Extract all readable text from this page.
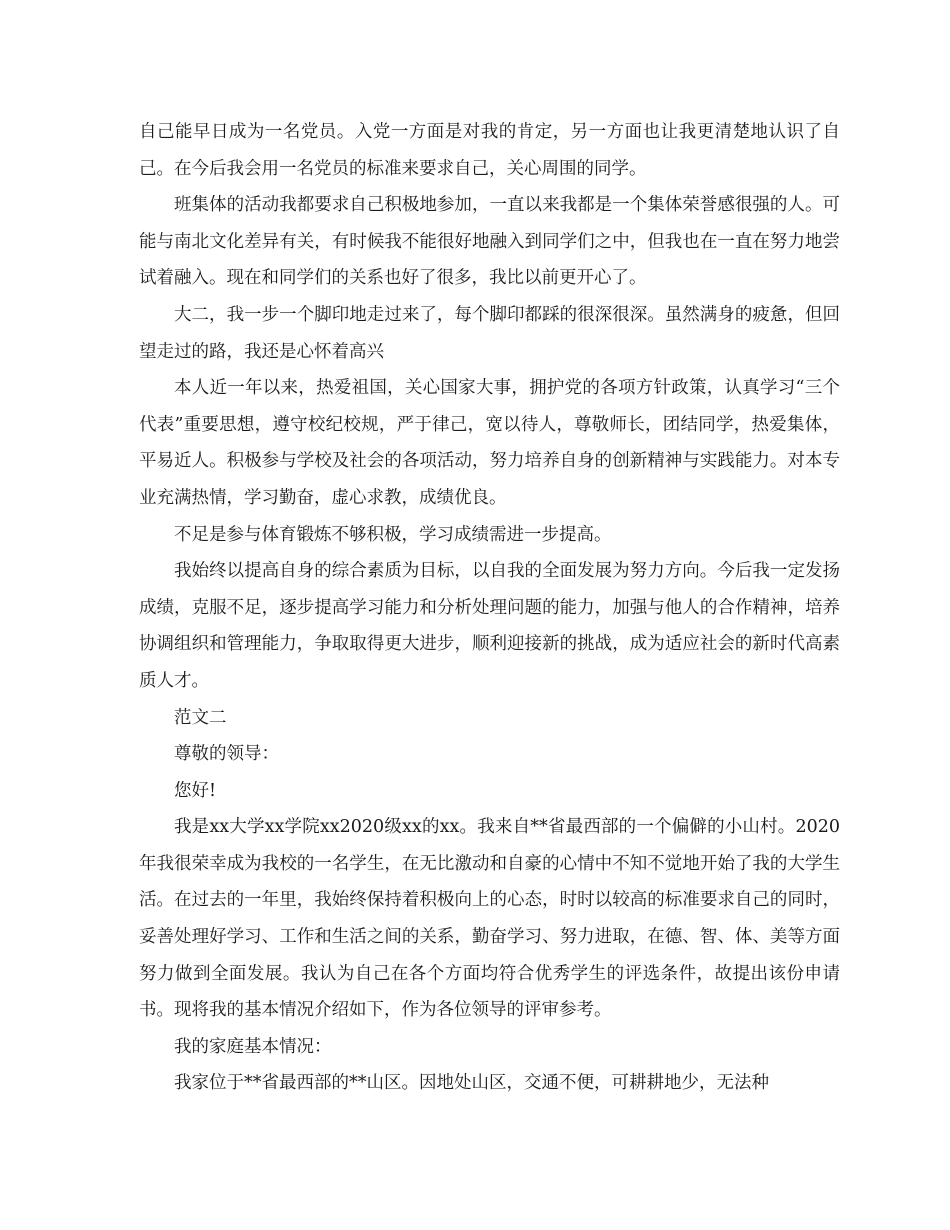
自己能早日成为一名党员。入党一方面是对我的肯定，另一方面也让我更清楚地认识了自己。在今后我会用一名党员的标准来要求自己，关心周围的同学。

班集体的活动我都要求自己积极地参加，一直以来我都是一个集体荣誉感很强的人。可能与南北文化差异有关，有时候我不能很好地融入到同学们之中，但我也在一直在努力地尝试着融入。现在和同学们的关系也好了很多，我比以前更开心了。

大二，我一步一个脚印地走过来了，每个脚印都踩的很深很深。虽然满身的疲惫，但回望走过的路，我还是心怀着高兴

本人近一年以来，热爱祖国，关心国家大事，拥护党的各项方针政策，认真学习“三个代表”重要思想，遵守校纪校规，严于律己，宽以待人，尊敬师长，团结同学，热爱集体，平易近人。积极参与学校及社会的各项活动，努力培养自身的创新精神与实践能力。对本专业充满热情，学习勤奋，虚心求教，成绩优良。

不足是参与体育锻炼不够积极，学习成绩需进一步提高。

我始终以提高自身的综合素质为目标，以自我的全面发展为努力方向。今后我一定发扬成绩，克服不足，逐步提高学习能力和分析处理问题的能力，加强与他人的合作精神，培养协调组织和管理能力，争取取得更大进步，顺利迎接新的挑战，成为适应社会的新时代高素质人才。

范文二

尊敬的领导：

您好!

我是xx大学xx学院xx2020级xx的xx。我来自**省最西部的一个偏僻的小山村。2020年我很荣幸成为我校的一名学生，在无比激动和自豪的心情中不知不觉地开始了我的大学生活。在过去的一年里，我始终保持着积极向上的心态，时时以较高的标准要求自己的同时，妥善处理好学习、工作和生活之间的关系，勤奋学习、努力进取，在德、智、体、美等方面努力做到全面发展。我认为自己在各个方面均符合优秀学生的评选条件，故提出该份申请书。现将我的基本情况介绍如下，作为各位领导的评审参考。

我的家庭基本情况：

我家位于**省最西部的**山区。因地处山区，交通不便，可耕耕地少，无法种
